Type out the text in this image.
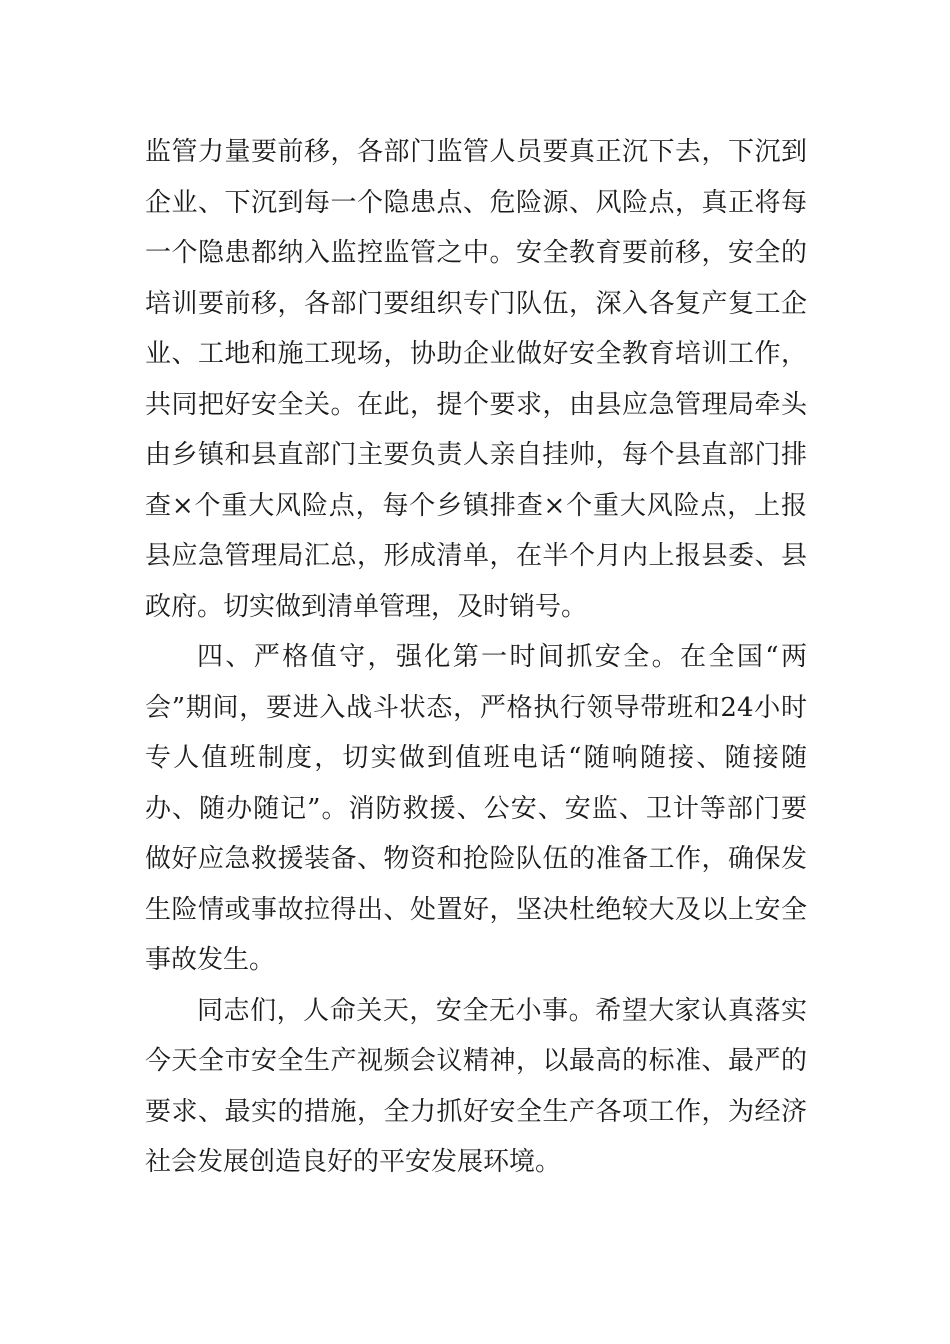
监管力量要前移，各部门监管人员要真正沉下去，下沉到企业、下沉到每一个隐患点、危险源、风险点，真正将每一个隐患都纳入监控监管之中。安全教育要前移，安全的培训要前移，各部门要组织专门队伍，深入各复产复工企业、工地和施工现场，协助企业做好安全教育培训工作，共同把好安全关。在此，提个要求，由县应急管理局牵头由乡镇和县直部门主要负责人亲自挂帅，每个县直部门排查×个重大风险点，每个乡镇排查×个重大风险点，上报县应急管理局汇总，形成清单，在半个月内上报县委、县政府。切实做到清单管理，及时销号。

四、严格值守，强化第一时间抓安全。在全国“两会”期间，要进入战斗状态，严格执行领导带班和24小时专人值班制度，切实做到值班电话“随响随接、随接随办、随办随记”。消防救援、公安、安监、卫计等部门要做好应急救援装备、物资和抢险队伍的准备工作，确保发生险情或事故拉得出、处置好，坚决杜绝较大及以上安全事故发生。

同志们，人命关天，安全无小事。希望大家认真落实今天全市安全生产视频会议精神，以最高的标准、最严的要求、最实的措施，全力抓好安全生产各项工作，为经济社会发展创造良好的平安发展环境。
